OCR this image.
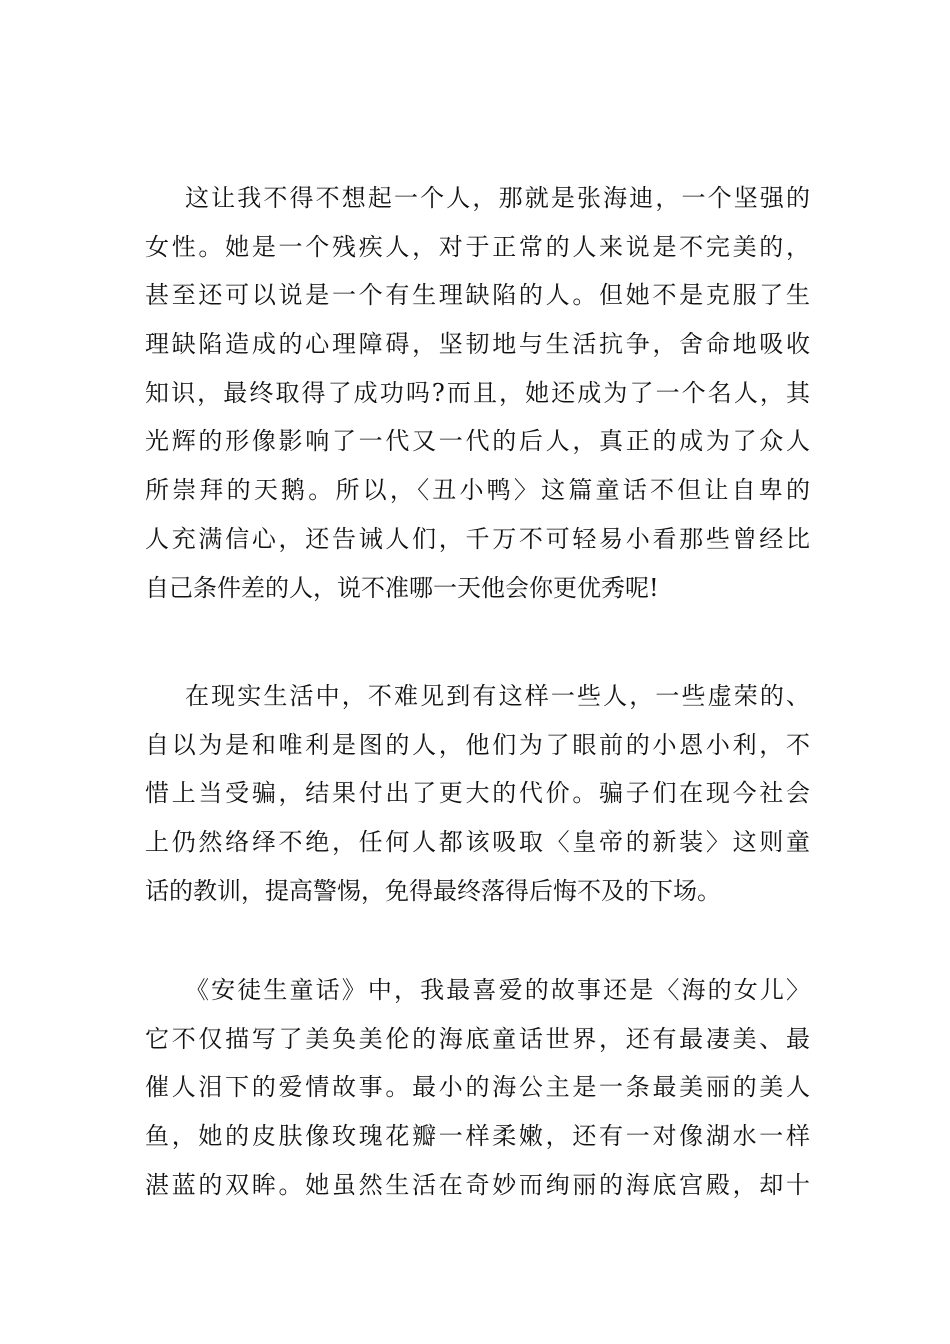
这让我不得不想起一个人，那就是张海迪，一个坚强的
女性。她是一个残疾人，对于正常的人来说是不完美的，
甚至还可以说是一个有生理缺陷的人。但她不是克服了生
理缺陷造成的心理障碍，坚韧地与生活抗争，舍命地吸收
知识，最终取得了成功吗?而且，她还成为了一个名人，其
光辉的形像影响了一代又一代的后人，真正的成为了众人
所崇拜的天鹅。所以，〈丑小鸭〉这篇童话不但让自卑的
人充满信心，还告诫人们，千万不可轻易小看那些曾经比
自己条件差的人，说不准哪一天他会你更优秀呢!
在现实生活中，不难见到有这样一些人，一些虚荣的、
自以为是和唯利是图的人，他们为了眼前的小恩小利，不
惜上当受骗，结果付出了更大的代价。骗子们在现今社会
上仍然络绎不绝，任何人都该吸取〈皇帝的新装〉这则童
话的教训，提高警惕，免得最终落得后悔不及的下场。
《安徒生童话》中，我最喜爱的故事还是〈海的女儿〉
它不仅描写了美奂美伦的海底童话世界，还有最凄美、最
催人泪下的爱情故事。最小的海公主是一条最美丽的美人
鱼，她的皮肤像玫瑰花瓣一样柔嫩，还有一对像湖水一样
湛蓝的双眸。她虽然生活在奇妙而绚丽的海底宫殿，却十
